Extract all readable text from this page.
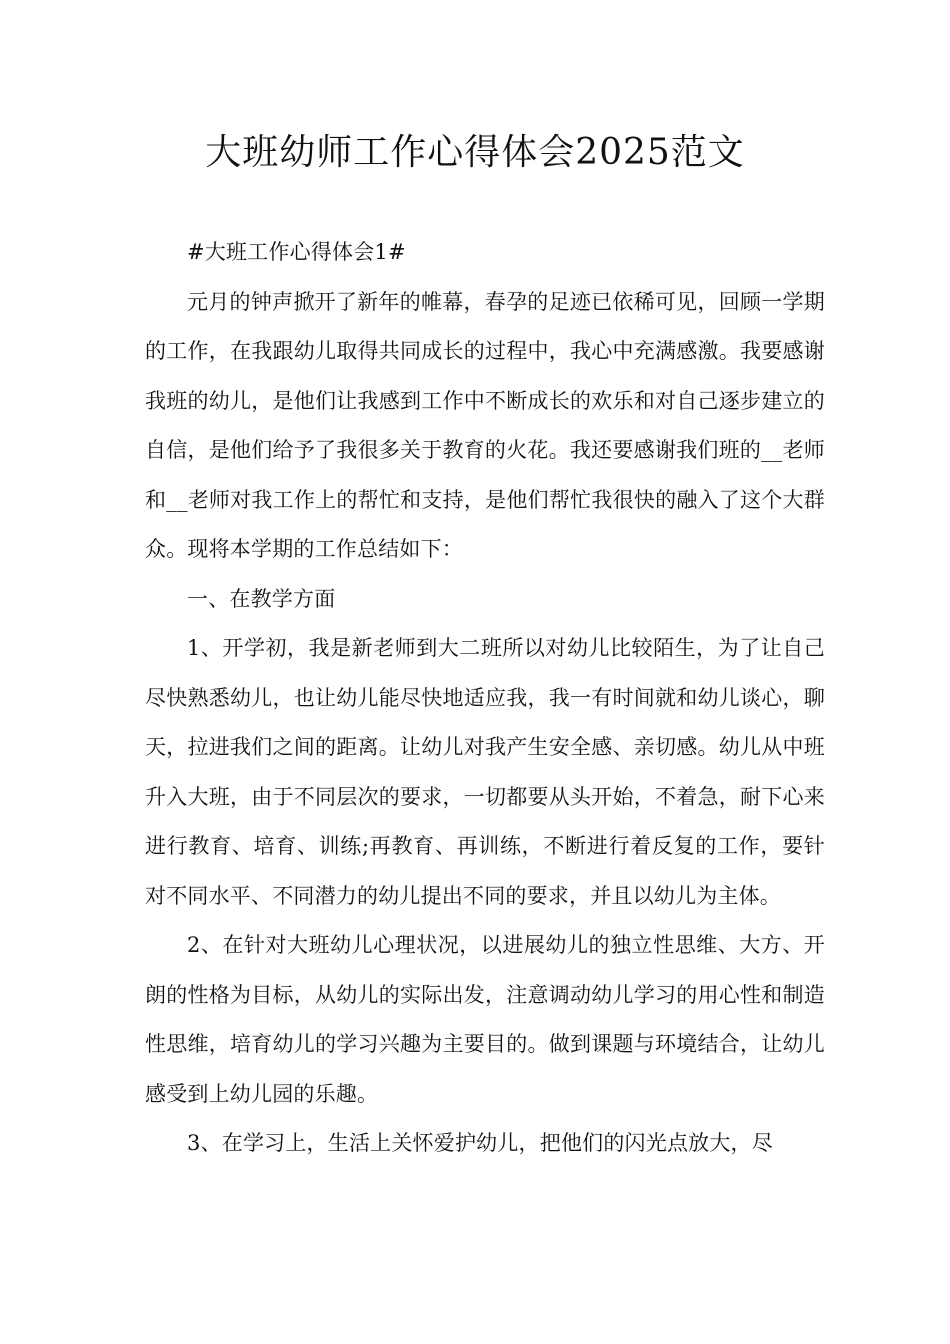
大班幼师工作心得体会2025范文

#大班工作心得体会1#

元月的钟声掀开了新年的帷幕，春孕的足迹已依稀可见，回顾一学期的工作，在我跟幼儿取得共同成长的过程中，我心中充满感激。我要感谢我班的幼儿，是他们让我感到工作中不断成长的欢乐和对自己逐步建立的自信，是他们给予了我很多关于教育的火花。我还要感谢我们班的__老师和__老师对我工作上的帮忙和支持，是他们帮忙我很快的融入了这个大群众。现将本学期的工作总结如下：

一、在教学方面

1、开学初，我是新老师到大二班所以对幼儿比较陌生，为了让自己尽快熟悉幼儿，也让幼儿能尽快地适应我，我一有时间就和幼儿谈心，聊天，拉进我们之间的距离。让幼儿对我产生安全感、亲切感。幼儿从中班升入大班，由于不同层次的要求，一切都要从头开始，不着急，耐下心来进行教育、培育、训练;再教育、再训练，不断进行着反复的工作，要针对不同水平、不同潜力的幼儿提出不同的要求，并且以幼儿为主体。

2、在针对大班幼儿心理状况，以进展幼儿的独立性思维、大方、开朗的性格为目标，从幼儿的实际出发，注意调动幼儿学习的用心性和制造性思维，培育幼儿的学习兴趣为主要目的。做到课题与环境结合，让幼儿感受到上幼儿园的乐趣。

3、在学习上，生活上关怀爱护幼儿，把他们的闪光点放大，尽
